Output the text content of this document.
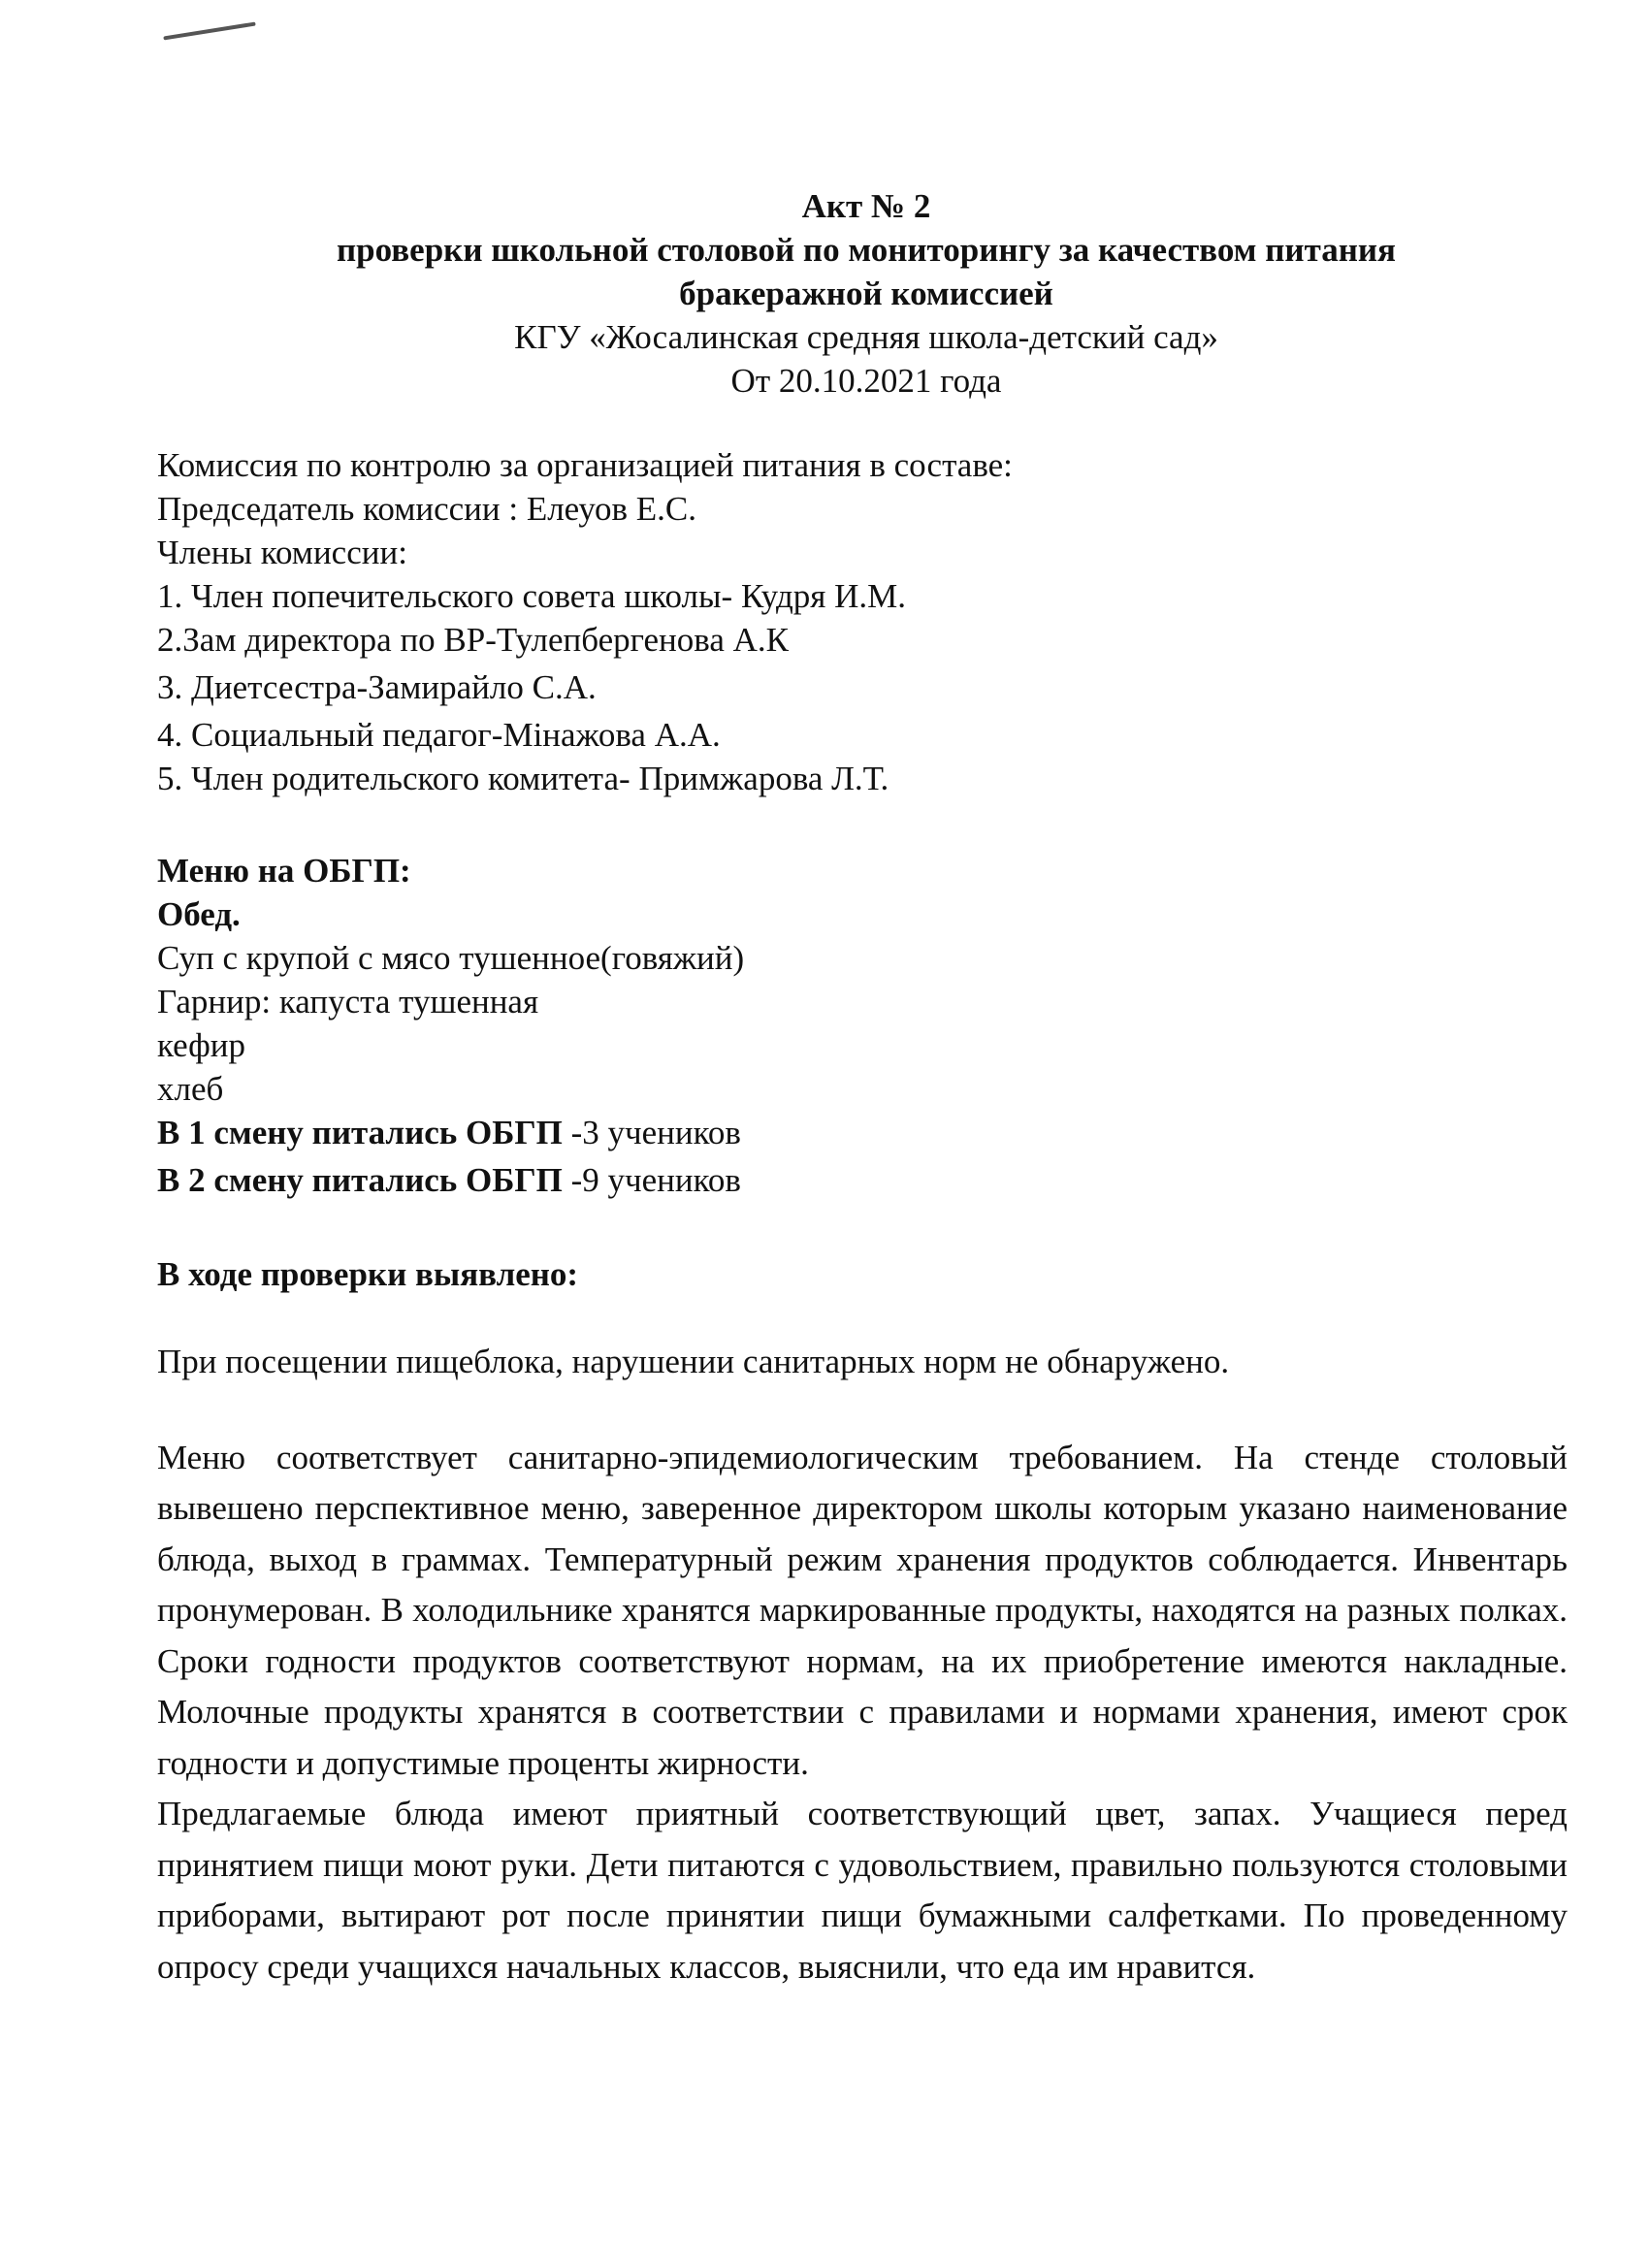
Акт № 2
проверки школьной столовой по мониторингу за качеством питания
бракеражной комиссией
КГУ «Жосалинская средняя школа-детский сад»
От 20.10.2021 года
Комиссия по контролю за организацией питания в составе:
Председатель комиссии : Елеуов Е.С.
Члены комиссии:
1. Член попечительского совета школы- Кудря И.М.
2.Зам директора по ВР-Тулепбергенова А.К
3. Диетсестра-Замирайло С.А.
4. Социальный педагог-Мінажова А.А.
5. Член родительского комитета- Примжарова Л.Т.
Меню на ОБГП:
Обед.
Суп с крупой с мясо тушенное(говяжий)
Гарнир: капуста тушенная
кефир
хлеб
В 1 смену питались ОБГП -3 учеников
В 2 смену питались ОБГП -9 учеников
В ходе проверки выявлено:

При посещении пищеблока, нарушении санитарных норм не обнаружено.

Меню соответствует санитарно-эпидемиологическим требованием. На стенде столовый вывешено перспективное меню, заверенное директором школы которым указано наименование блюда, выход в граммах. Температурный режим хранения продуктов соблюдается. Инвентарь пронумерован. В холодильнике хранятся маркированные продукты, находятся на разных полках. Сроки годности продуктов соответствуют нормам, на их приобретение имеются накладные. Молочные продукты хранятся в соответствии с правилами и нормами хранения, имеют срок годности и допустимые проценты жирности.

Предлагаемые блюда имеют приятный соответствующий цвет, запах. Учащиеся перед принятием пищи моют руки. Дети питаются с удовольствием, правильно пользуются столовыми приборами, вытирают рот после принятии пищи бумажными салфетками. По проведенному опросу среди учащихся начальных классов, выяснили, что еда им нравится.
